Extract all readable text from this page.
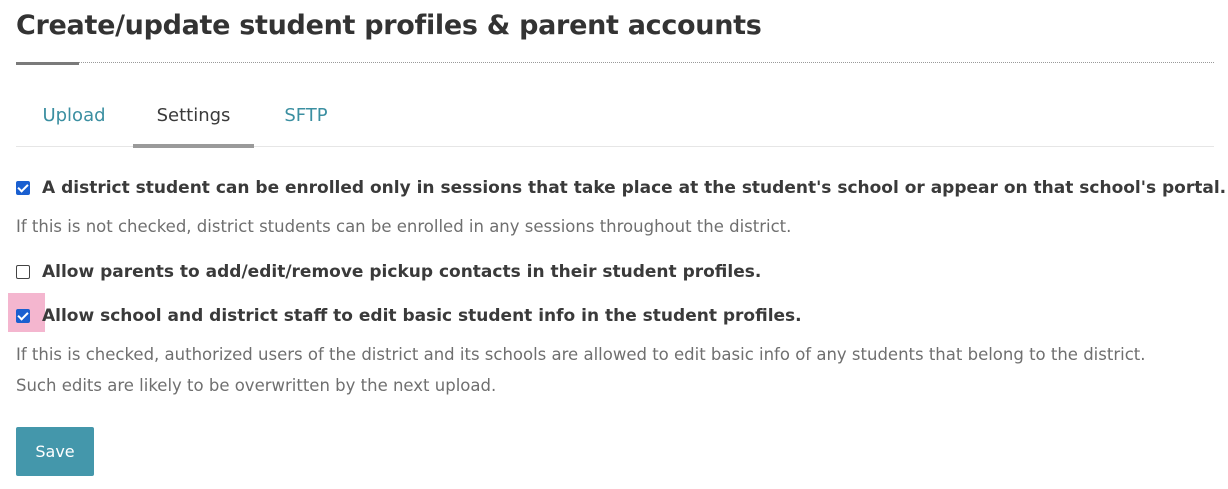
Create/update student profiles & parent accounts
Upload	Settings	SFTP
A district student can be enrolled only in sessions that take place at the student's school or appear on that school's portal.
If this is not checked, district students can be enrolled in any sessions throughout the district.
Allow parents to add/edit/remove pickup contacts in their student profiles.
Allow school and district staff to edit basic student info in the student profiles.
If this is checked, authorized users of the district and its schools are allowed to edit basic info of any students that belong to the district.
Such edits are likely to be overwritten by the next upload.
Save
